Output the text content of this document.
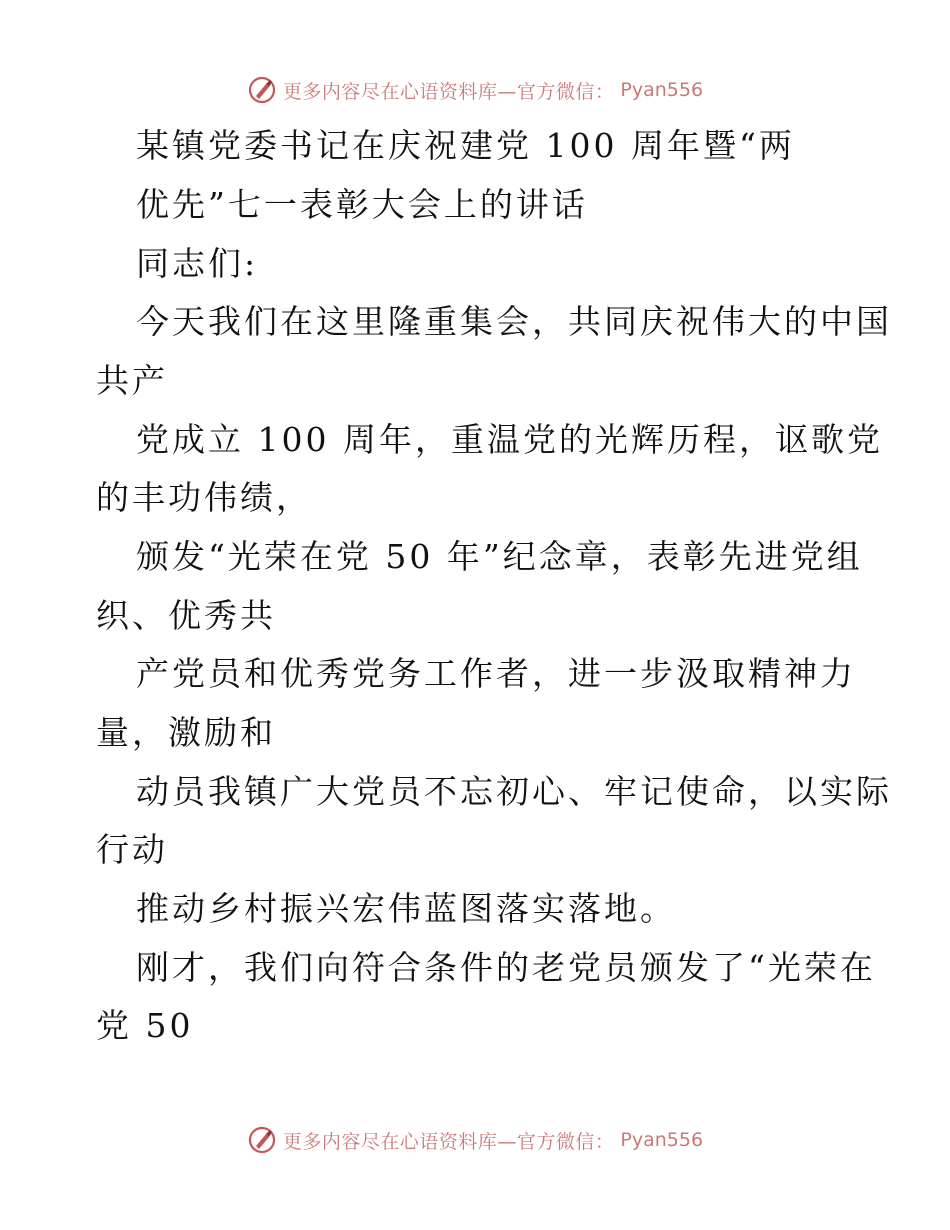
更多内容尽在心语资料库—官方微信： Pyan556
某镇党委书记在庆祝建党 100 周年暨“两
优先”七一表彰大会上的讲话
同志们:
今天我们在这里隆重集会，共同庆祝伟大的中国
共产
党成立 100 周年，重温党的光辉历程，讴歌党
的丰功伟绩，
颁发“光荣在党 50 年”纪念章，表彰先进党组
织、优秀共
产党员和优秀党务工作者，进一步汲取精神力
量，激励和
动员我镇广大党员不忘初心、牢记使命，以实际
行动
推动乡村振兴宏伟蓝图落实落地。
刚才，我们向符合条件的老党员颁发了“光荣在
党 50
更多内容尽在心语资料库—官方微信： Pyan556
